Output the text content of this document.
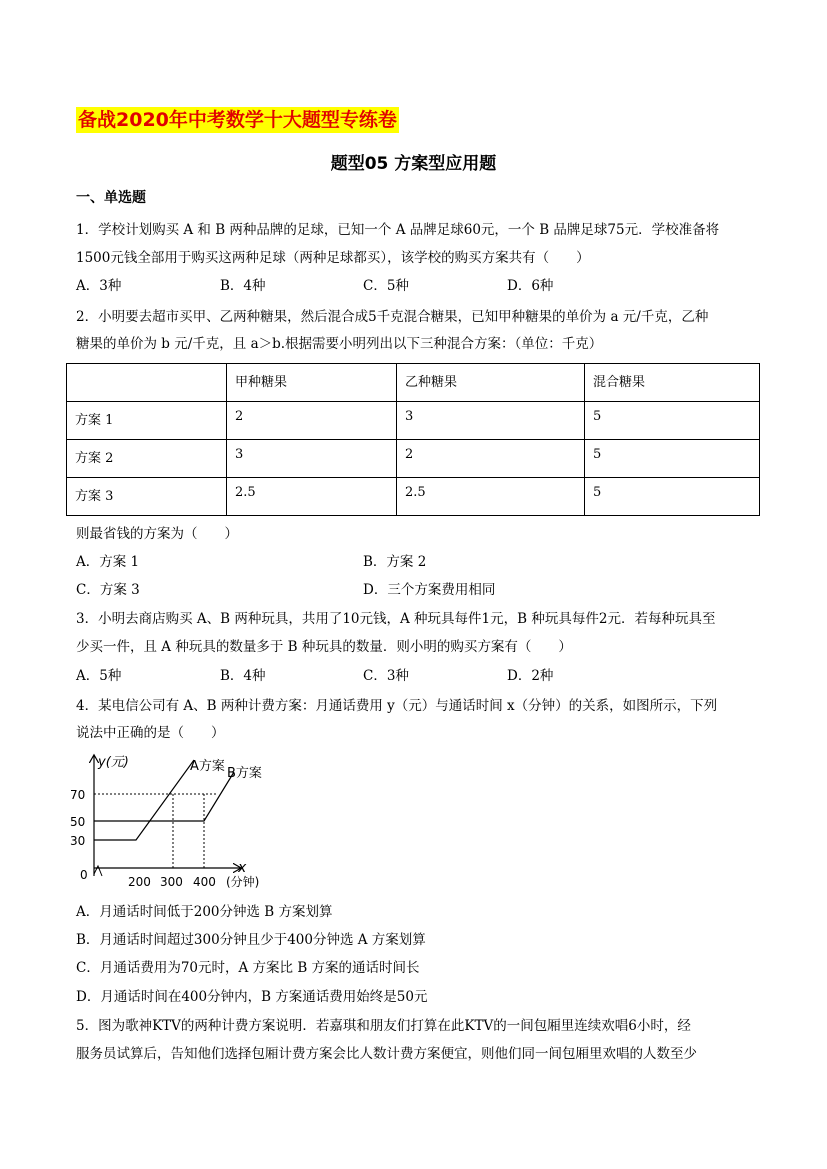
备战2020年中考数学十大题型专练卷
题型05 方案型应用题
一、单选题
1．学校计划购买 A 和 B 两种品牌的足球，已知一个 A 品牌足球60元，一个 B 品牌足球75元．学校准备将
1500元钱全部用于购买这两种足球（两种足球都买），该学校的购买方案共有（　　）
A．3种	B．4种	C．5种	D．6种
2．小明要去超市买甲、乙两种糖果，然后混合成5千克混合糖果，已知甲种糖果的单价为 a 元/千克，乙种
糖果的单价为 b 元/千克，且 a＞b.根据需要小明列出以下三种混合方案：（单位：千克）
	甲种糖果	乙种糖果	混合糖果
方案 1	2	3	5
方案 2	3	2	5
方案 3	2.5	2.5	5
则最省钱的方案为（　　）
A．方案 1	B．方案 2
C．方案 3	D．三个方案费用相同
3．小明去商店购买 A、B 两种玩具，共用了10元钱，A 种玩具每件1元，B 种玩具每件2元．若每种玩具至
少买一件，且 A 种玩具的数量多于 B 种玩具的数量．则小明的购买方案有（　　）
A．5种	B．4种	C．3种	D．2种
4．某电信公司有 A、B 两种计费方案：月通话费用 y（元）与通话时间 x（分钟）的关系，如图所示，下列
说法中正确的是（　　）
y(元)
70
50
30
0	200 300 400
x
(分钟)
A方案 B方案
A．月通话时间低于200分钟选 B 方案划算
B．月通话时间超过300分钟且少于400分钟选 A 方案划算
C．月通话费用为70元时，A 方案比 B 方案的通话时间长
D．月通话时间在400分钟内，B 方案通话费用始终是50元
5．图为歌神KTV的两种计费方案说明．若嘉琪和朋友们打算在此KTV的一间包厢里连续欢唱6小时，经
服务员试算后，告知他们选择包厢计费方案会比人数计费方案便宜，则他们同一间包厢里欢唱的人数至少
